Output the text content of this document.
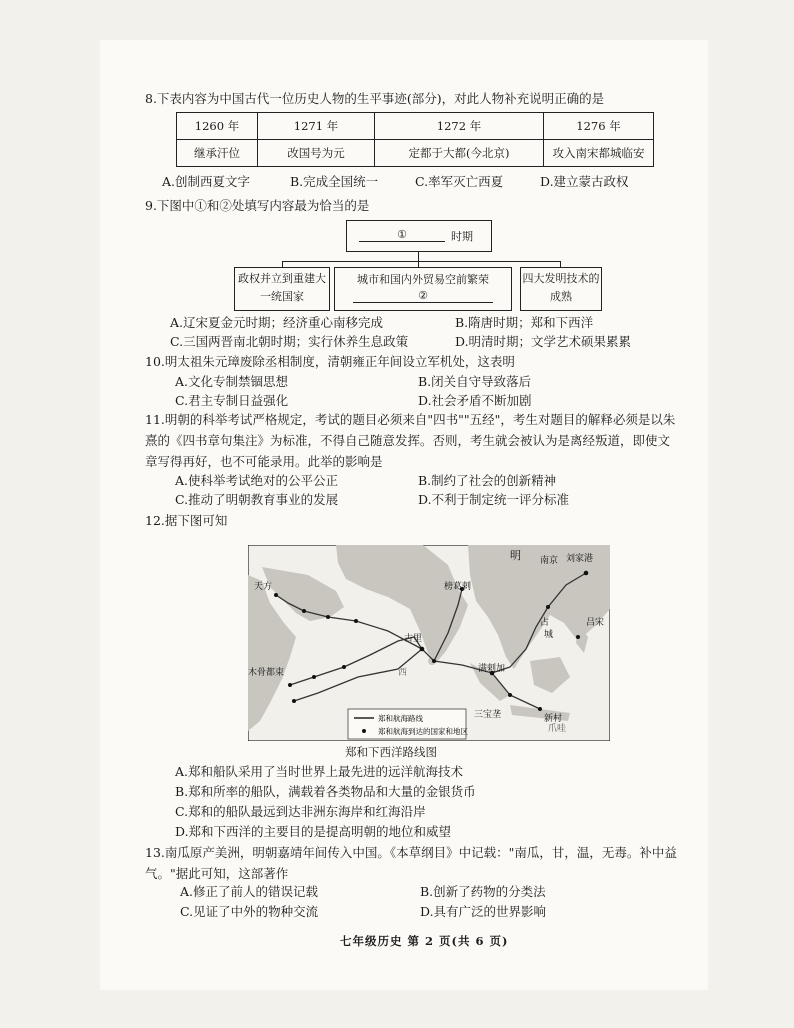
8.下表内容为中国古代一位历史人物的生平事迹(部分)，对此人物补充说明正确的是
1260 年	1271 年	1272 年	1276 年
继承汗位	改国号为元	定都于大都(今北京)	攻入南宋都城临安
A.创制西夏文字	B.完成全国统一	C.率军灭亡西夏	D.建立蒙古政权
9.下图中①和②处填写内容最为恰当的是
①	时期
政权并立到重建大一统国家
城市和国内外贸易空前繁荣
②
四大发明技术的成熟
A.辽宋夏金元时期；经济重心南移完成	B.隋唐时期；郑和下西洋
C.三国两晋南北朝时期；实行休养生息政策	D.明清时期；文学艺术硕果累累
10.明太祖朱元璋废除丞相制度，清朝雍正年间设立军机处，这表明
A.文化专制禁锢思想	B.闭关自守导致落后
C.君主专制日益强化	D.社会矛盾不断加剧
11.明朝的科举考试严格规定，考试的题目必须来自"四书""五经"，考生对题目的解释必须是以朱熹的《四书章句集注》为标准，不得自己随意发挥。否则，考生就会被认为是离经叛道，即使文章写得再好，也不可能录用。此举的影响是
A.使科举考试绝对的公平公正	B.制约了社会的创新精神
C.推动了明朝教育事业的发展	D.不利于制定统一评分标准
12.据下图可知
明 南京 刘家港
天方	榜葛剌
古里
木骨都束	满剌加
三宝垄	新村
占
城
吕宋
西
爪哇
郑和航海路线
郑和航海到达的国家和地区
郑和下西洋路线图
A.郑和船队采用了当时世界上最先进的远洋航海技术
B.郑和所率的船队，满载着各类物品和大量的金银货币
C.郑和的船队最远到达非洲东海岸和红海沿岸
D.郑和下西洋的主要目的是提高明朝的地位和威望
13.南瓜原产美洲，明朝嘉靖年间传入中国。《本草纲目》中记载："南瓜，甘，温，无毒。补中益气。"据此可知，这部著作
A.修正了前人的错误记载	B.创新了药物的分类法
C.见证了中外的物种交流	D.具有广泛的世界影响
七年级历史 第 2 页(共 6 页)
